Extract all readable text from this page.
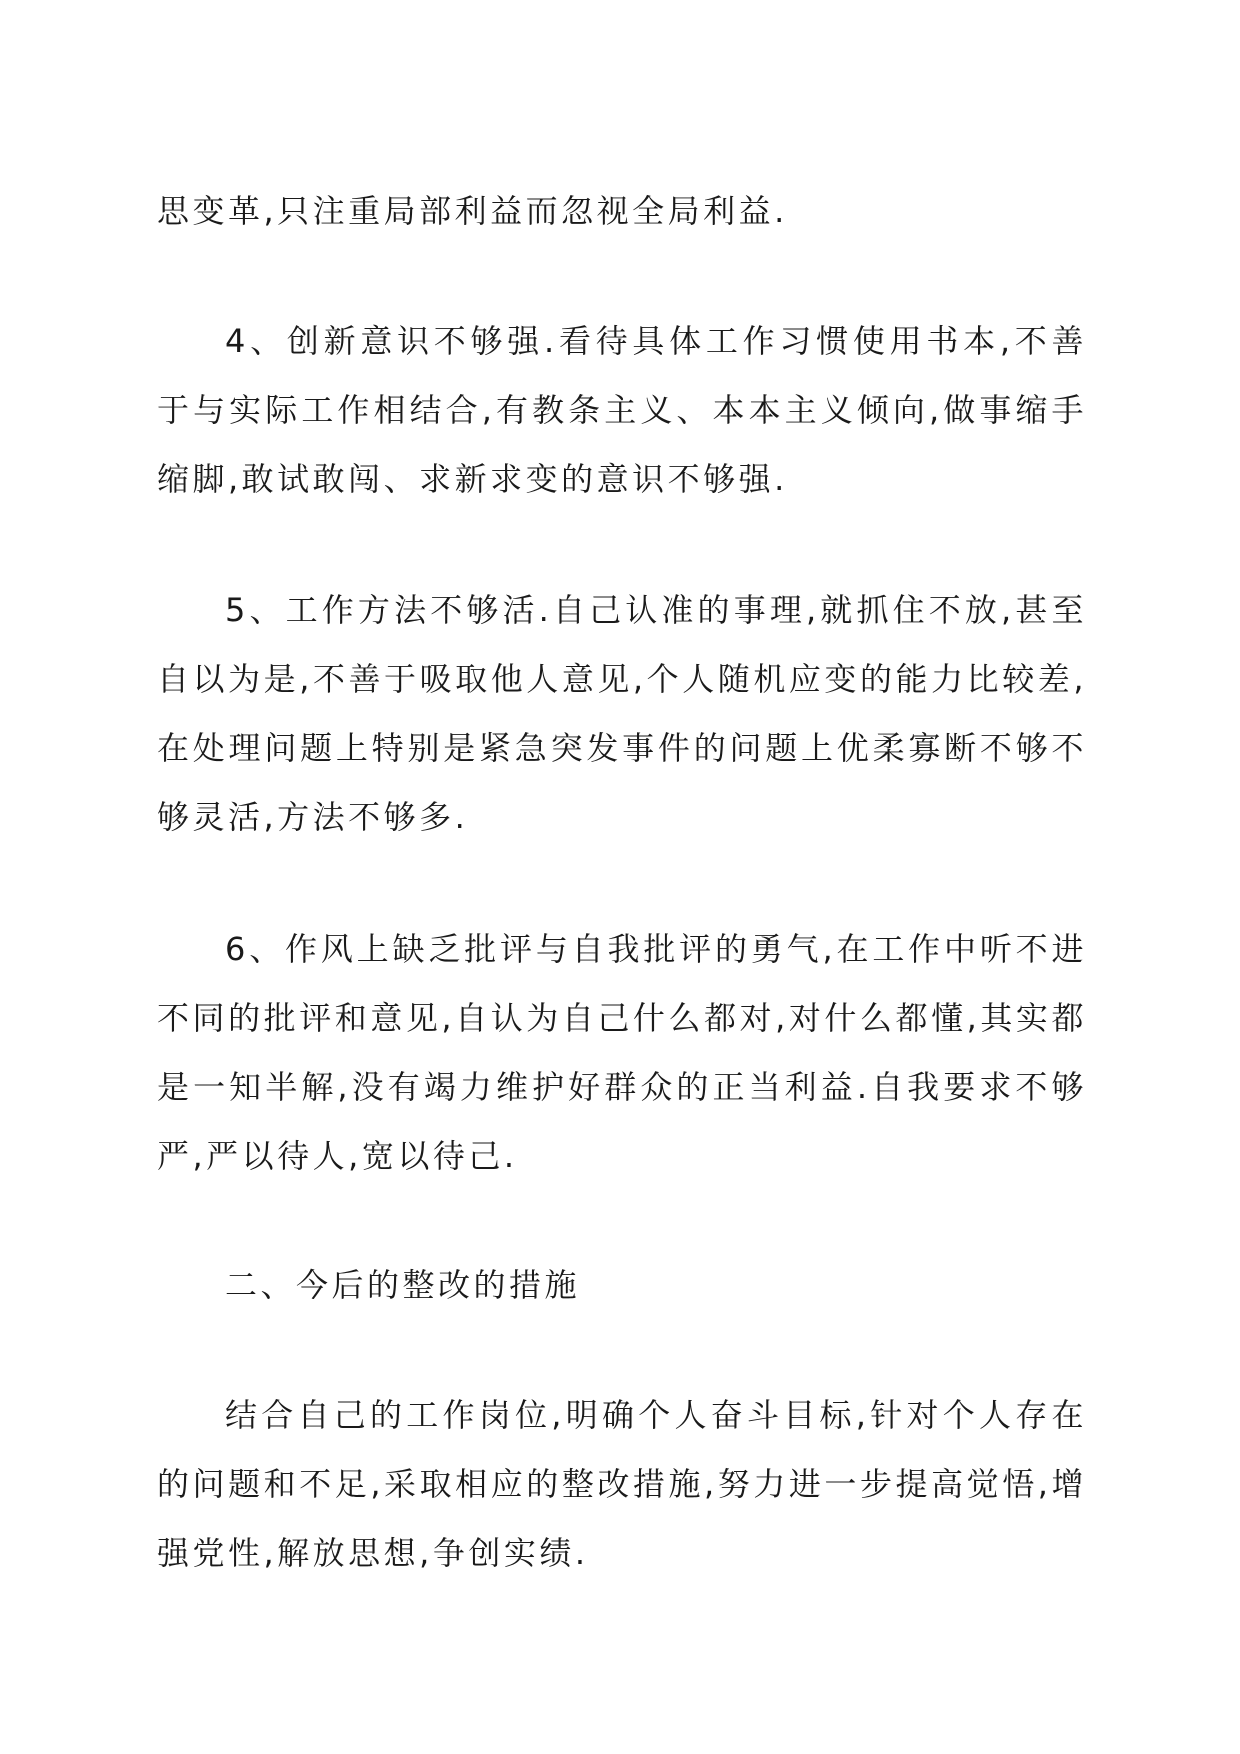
思变革,只注重局部利益而忽视全局利益.

4、创新意识不够强.看待具体工作习惯使用书本,不善于与实际工作相结合,有教条主义、本本主义倾向,做事缩手缩脚,敢试敢闯、求新求变的意识不够强.

5、工作方法不够活.自己认准的事理,就抓住不放,甚至自以为是,不善于吸取他人意见,个人随机应变的能力比较差,在处理问题上特别是紧急突发事件的问题上优柔寡断不够不够灵活,方法不够多.

6、作风上缺乏批评与自我批评的勇气,在工作中听不进不同的批评和意见,自认为自己什么都对,对什么都懂,其实都是一知半解,没有竭力维护好群众的正当利益.自我要求不够严,严以待人,宽以待己.

二、今后的整改的措施

结合自己的工作岗位,明确个人奋斗目标,针对个人存在的问题和不足,采取相应的整改措施,努力进一步提高觉悟,增强党性,解放思想,争创实绩.
